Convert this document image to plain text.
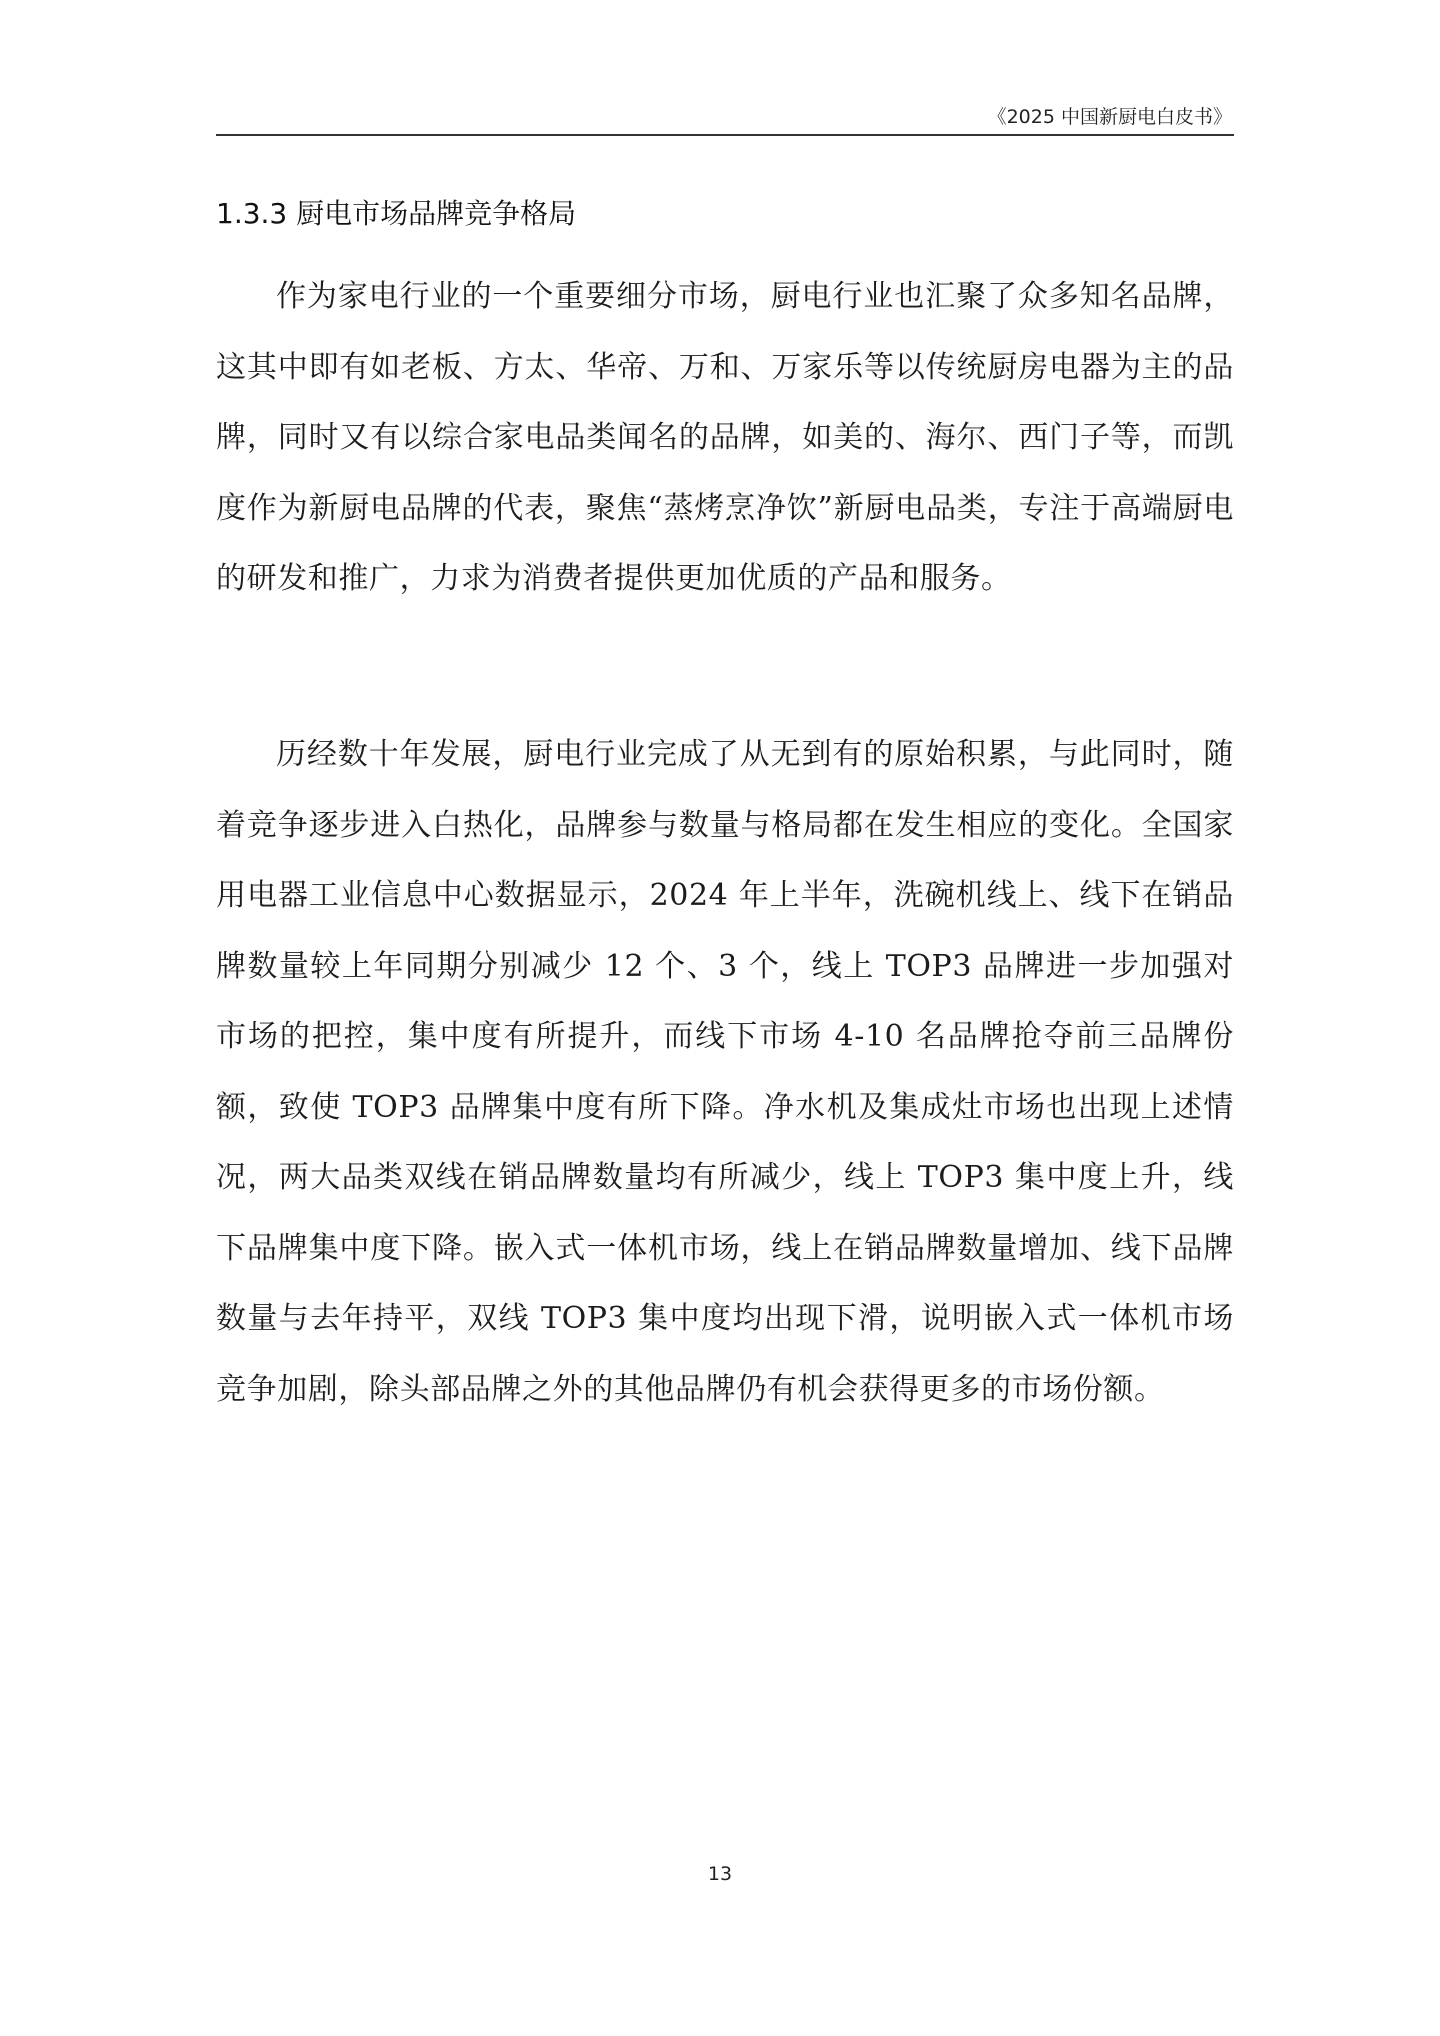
《2025 中国新厨电白皮书》
1.3.3 厨电市场品牌竞争格局

作为家电行业的一个重要细分市场，厨电行业也汇聚了众多知名品牌，这其中即有如老板、方太、华帝、万和、万家乐等以传统厨房电器为主的品牌，同时又有以综合家电品类闻名的品牌，如美的、海尔、西门子等，而凯度作为新厨电品牌的代表，聚焦“蒸烤烹净饮”新厨电品类，专注于高端厨电的研发和推广，力求为消费者提供更加优质的产品和服务。

历经数十年发展，厨电行业完成了从无到有的原始积累，与此同时，随着竞争逐步进入白热化，品牌参与数量与格局都在发生相应的变化。全国家用电器工业信息中心数据显示，2024 年上半年，洗碗机线上、线下在销品牌数量较上年同期分别减少 12 个、3 个，线上 TOP3 品牌进一步加强对市场的把控，集中度有所提升，而线下市场 4-10 名品牌抢夺前三品牌份额，致使 TOP3 品牌集中度有所下降。净水机及集成灶市场也出现上述情况，两大品类双线在销品牌数量均有所减少，线上 TOP3 集中度上升，线下品牌集中度下降。嵌入式一体机市场，线上在销品牌数量增加、线下品牌数量与去年持平，双线 TOP3 集中度均出现下滑，说明嵌入式一体机市场竞争加剧，除头部品牌之外的其他品牌仍有机会获得更多的市场份额。

13
